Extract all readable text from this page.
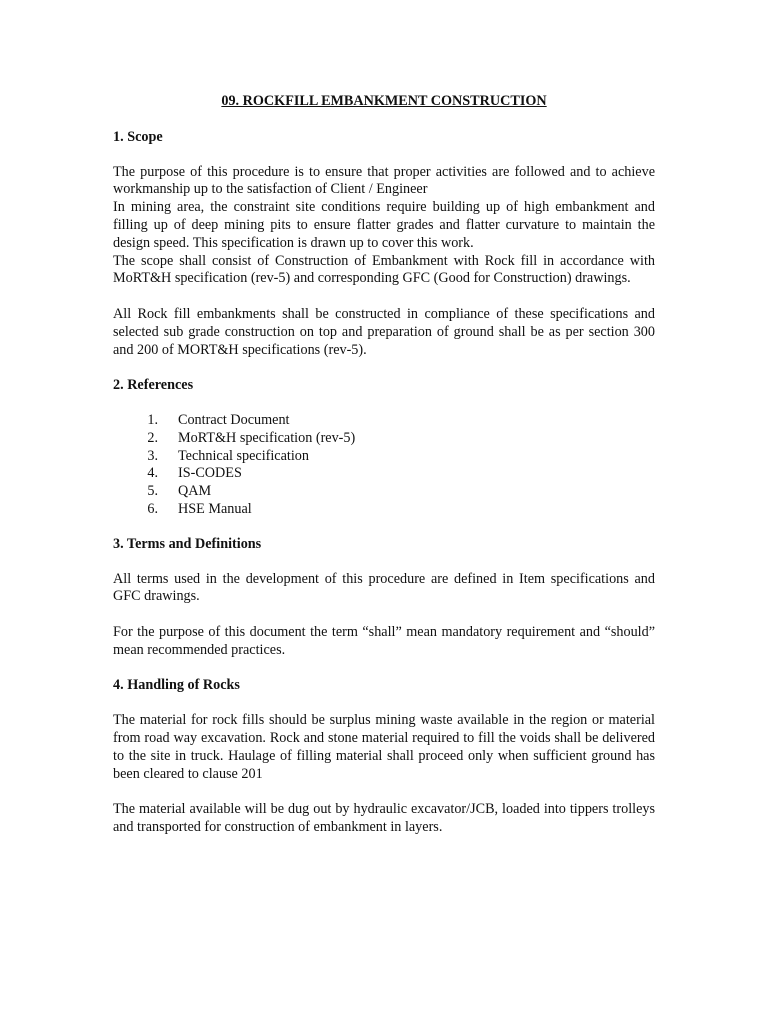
09. ROCKFILL EMBANKMENT CONSTRUCTION
1. Scope

The purpose of this procedure is to ensure that proper activities are followed and to achieve workmanship up to the satisfaction of Client / Engineer

In mining area, the constraint site conditions require building up of high embankment and filling up of deep mining pits to ensure flatter grades and flatter curvature to maintain the design speed. This specification is drawn up to cover this work.

The scope shall consist of Construction of Embankment with Rock fill in accordance with MoRT&H specification (rev-5) and corresponding GFC (Good for Construction) drawings.

All Rock fill embankments shall be constructed in compliance of these specifications and selected sub grade construction on top and preparation of ground shall be as per section 300 and 200 of MORT&H specifications (rev-5).

2. References
1.	Contract Document
2.	MoRT&H specification (rev-5)
3.	Technical specification
4.	IS-CODES
5.	QAM
6.	HSE Manual
3. Terms and Definitions

All terms used in the development of this procedure are defined in Item specifications and GFC drawings.

For the purpose of this document the term “shall” mean mandatory requirement and “should” mean recommended practices.

4. Handling of Rocks

The material for rock fills should be surplus mining waste available in the region or material from road way excavation. Rock and stone material required to fill the voids shall be delivered to the site in truck. Haulage of filling material shall proceed only when sufficient ground has been cleared to clause 201

The material available will be dug out by hydraulic excavator/JCB, loaded into tippers trolleys and transported for construction of embankment in layers.
